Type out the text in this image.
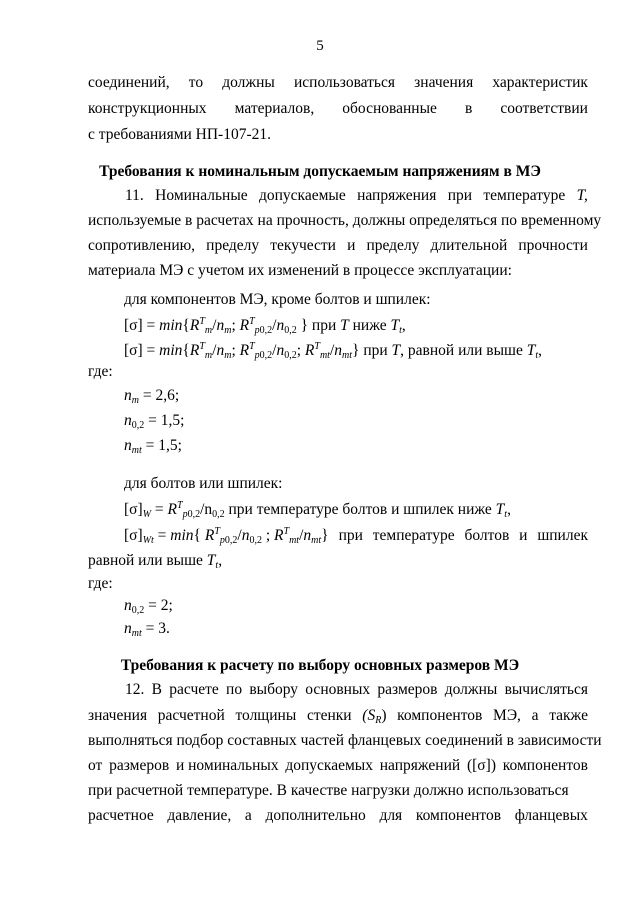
5
соединений, то должны использоваться значения характеристик
конструкционных материалов, обоснованные в соответствии
с требованиями НП-107-21.
Требования к номинальным допускаемым напряжениям в МЭ
11. Номинальные допускаемые напряжения при температуре T,
используемые в расчетах на прочность, должны определяться по временному
сопротивлению, пределу текучести и пределу длительной прочности
материала МЭ с учетом их изменений в процессе эксплуатации:
для компонентов МЭ, кроме болтов и шпилек:
$[\sigma] = \min\{R^T_m/n_m$; $R^T_{p0,2}/n_{0,2}$ } при T ниже $T_t$,
$[\sigma] = \min\{R^T_m/n_m$; $R^T_{p0,2}/n_{0,2}$; $R^T_{mt}/n_{mt}$} при T, равной или выше $T_t$,
где:
$n_m = 2,6$;
$n_{0,2} = 1,5$;
$n_{mt} = 1,5$;
для болтов или шпилек:
$[\sigma]_W = R^T_{p0,2}/n_{0,2}$ при температуре болтов и шпилек ниже $T_t$,
$[\sigma]_{Wt} = \min${ $R^T_{p0,2}/n_{0,2}$ ; $R^T_{mt}/n_{mt}$} при температуре болтов и шпилек
равной или выше $T_t$,
где:
$n_{0,2} = 2$;
$n_{mt} = 3$.
Требования к расчету по выбору основных размеров МЭ
12. В расчете по выбору основных размеров должны вычисляться
значения расчетной толщины стенки $(S_R)$ компонентов МЭ, а также
выполняться подбор составных частей фланцевых соединений в зависимости
от размеров и номинальных допускаемых напряжений ([σ]) компонентов
при расчетной температуре. В качестве нагрузки должно использоваться
расчетное давление, а дополнительно для компонентов фланцевых
